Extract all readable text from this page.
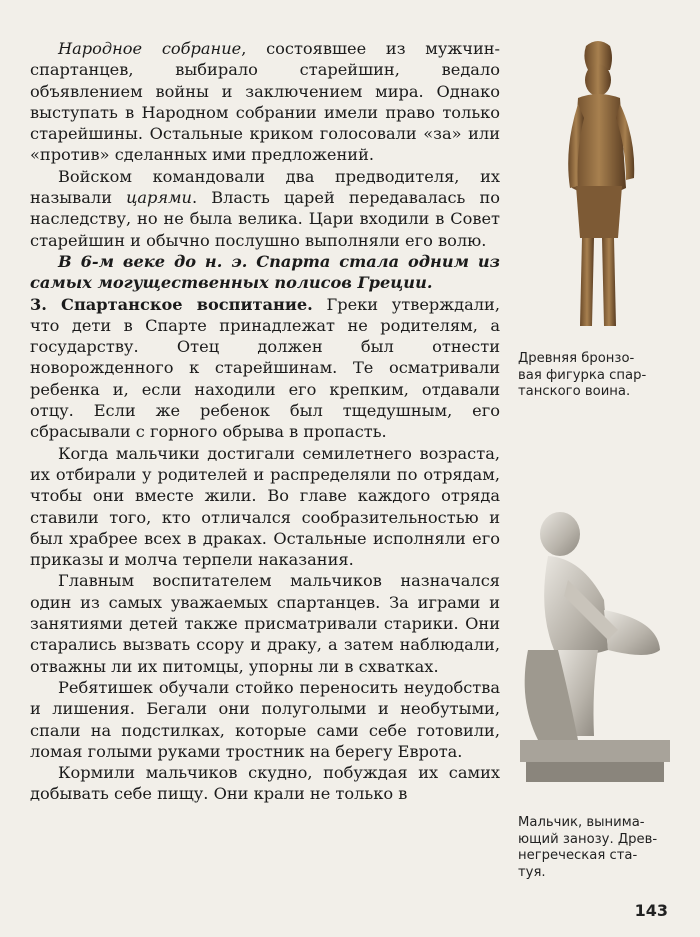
Народное собрание, состоявшее из мужчин-спартанцев, выбирало старейшин, ведало объявлением войны и заключением мира. Однако выступать в Народном собрании имели право только старейшины. Остальные криком голосовали «за» или «против» сделанных ими предложений.

Войском командовали два предводителя, их называли царями. Власть царей передавалась по наследству, но не была велика. Цари входили в Совет старейшин и обычно послушно выполняли его волю.

В 6-м веке до н. э. Спарта стала одним из самых могущественных полисов Греции.

3. Спартанское воспитание. Греки утверждали, что дети в Спарте принадлежат не родителям, а государству. Отец должен был отнести новорожденного к старейшинам. Те осматривали ребенка и, если находили его крепким, отдавали отцу. Если же ребенок был тщедушным, его сбрасывали с горного обрыва в пропасть.

Когда мальчики достигали семилетнего возраста, их отбирали у родителей и распределяли по отрядам, чтобы они вместе жили. Во главе каждого отряда ставили того, кто отличался сообразительностью и был храбрее всех в драках. Остальные исполняли его приказы и молча терпели наказания.

Главным воспитателем мальчиков назначался один из самых уважаемых спартанцев. За играми и занятиями детей также присматривали старики. Они старались вызвать ссору и драку, а затем наблюдали, отважны ли их питомцы, упорны ли в схватках.

Ребятишек обучали стойко переносить неудобства и лишения. Бегали они полуголыми и необутыми, спали на подстилках, которые сами себе готовили, ломая голыми руками тростник на берегу Еврота.

Кормили мальчиков скудно, побуждая их самих добывать себе пищу. Они крали не только в

Древняя бронзо-
вая фигурка спар-
танского воина.
Мальчик, вынима-
ющий занозу. Древ-
негреческая ста-
туя.
143
